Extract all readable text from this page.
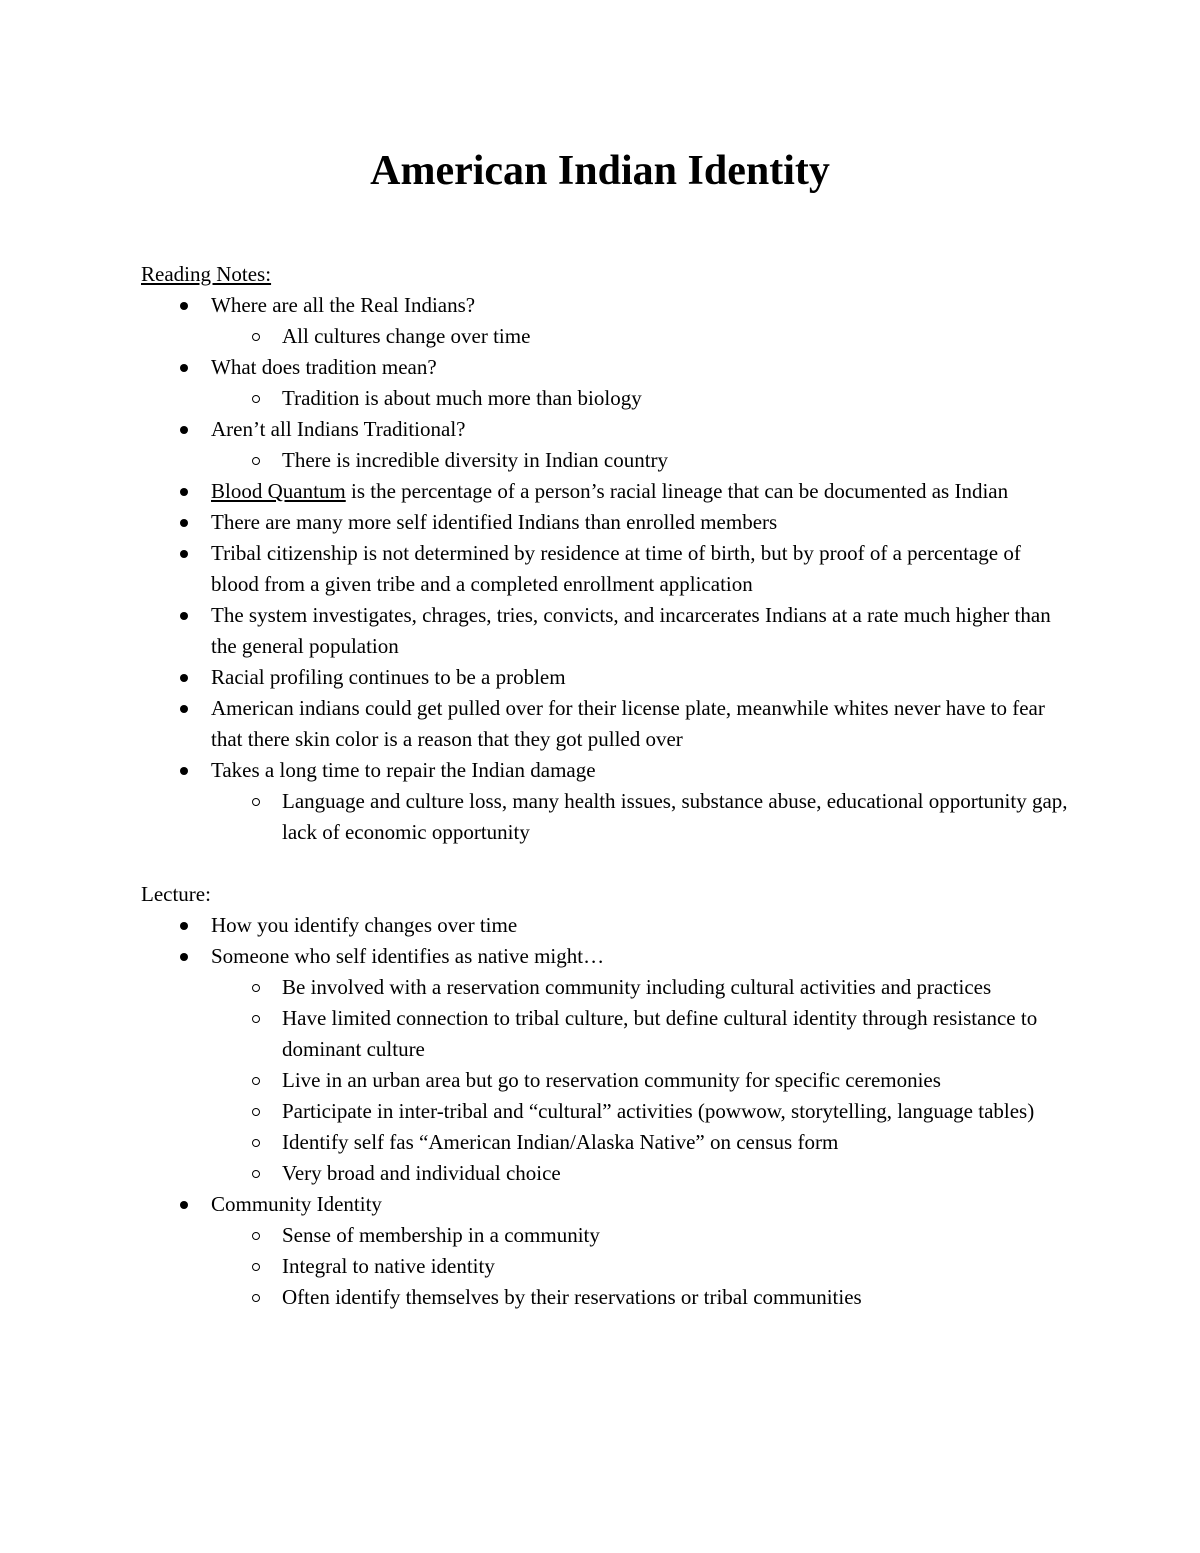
American Indian Identity

Reading Notes:

Where are all the Real Indians?
All cultures change over time
What does tradition mean?
Tradition is about much more than biology
Aren’t all Indians Traditional?
There is incredible diversity in Indian country
Blood Quantum is the percentage of a person’s racial lineage that can be documented as Indian
There are many more self identified Indians than enrolled members
Tribal citizenship is not determined by residence at time of birth, but by proof of a percentage of blood from a given tribe and a completed enrollment application
The system investigates, chrages, tries, convicts, and incarcerates Indians at a rate much higher than the general population
Racial profiling continues to be a problem
American indians could get pulled over for their license plate, meanwhile whites never have to fear that there skin color is a reason that they got pulled over
Takes a long time to repair the Indian damage
Language and culture loss, many health issues, substance abuse, educational opportunity gap, lack of economic opportunity

Lecture:

How you identify changes over time
Someone who self identifies as native might…
Be involved with a reservation community including cultural activities and practices
Have limited connection to tribal culture, but define cultural identity through resistance to dominant culture
Live in an urban area but go to reservation community for specific ceremonies
Participate in inter-tribal and “cultural” activities (powwow, storytelling, language tables)
Identify self fas “American Indian/Alaska Native” on census form
Very broad and individual choice
Community Identity
Sense of membership in a community
Integral to native identity
Often identify themselves by their reservations or tribal communities
